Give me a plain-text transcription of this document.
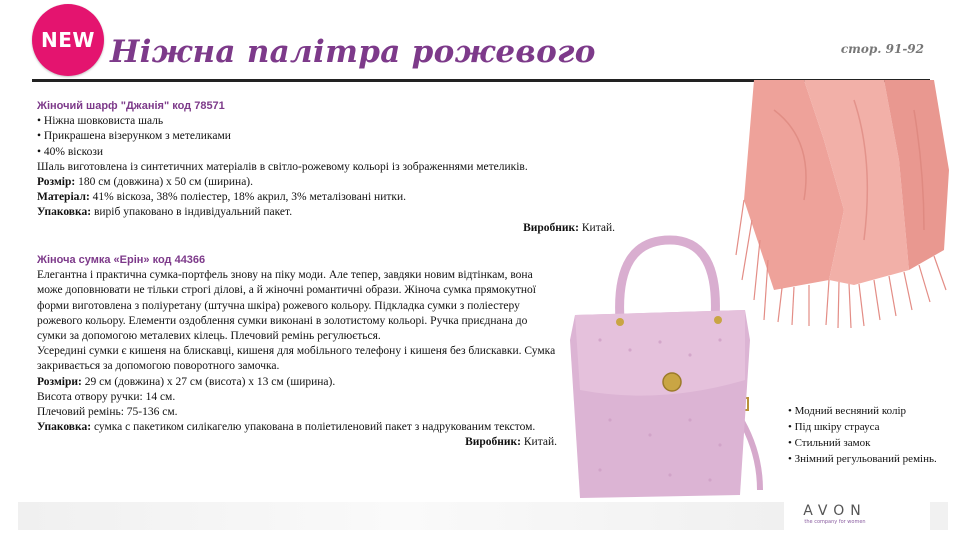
NEW Ніжна палітра рожевого	стор. 91-92

Жіночий шарф "Джанія" код 78571

• Ніжна шовковиста шаль

• Прикрашена візерунком з метеликами

• 40% віскози

Шаль виготовлена із синтетичних матеріалів в світло-рожевому кольорі із зображеннями метеликів.

Розмір: 180 см (довжина) х 50 см (ширина).

Матеріал: 41% віскоза, 38% поліестер, 18% акрил, 3% металізовані нитки.

Упаковка: виріб упаковано в індивідуальний пакет.

Виробник: Китай.

Жіноча сумка «Ерін» код 44366

Елегантна і практична сумка-портфель знову на піку моди. Але тепер, завдяки новим відтінкам, вона може доповнювати не тільки строгі ділові, а й жіночні романтичні образи. Жіноча сумка прямокутної форми виготовлена з поліуретану (штучна шкіра) рожевого кольору. Підкладка сумки з поліестеру рожевого кольору. Елементи оздоблення сумки виконані в золотистому кольорі. Ручка приєднана до сумки за допомогою металевих кілець. Плечовий ремінь регулюється.

Усередині сумки є кишеня на блискавці, кишеня для мобільного телефону і кишеня без блискавки. Сумка закривається за допомогою поворотного замочка.

Розміри: 29 см (довжина) х 27 см (висота) х 13 см (ширина).

Висота отвору ручки: 14 см.

Плечовий ремінь: 75-136 см.

Упаковка: сумка с пакетиком силікагелю упакована в поліетиленовий пакет з надрукованим текстом.

Виробник: Китай.

• Модний весняний колір
• Під шкіру страуса
• Стильний замок
• Знімний регульований ремінь.
AVON
the company for women
